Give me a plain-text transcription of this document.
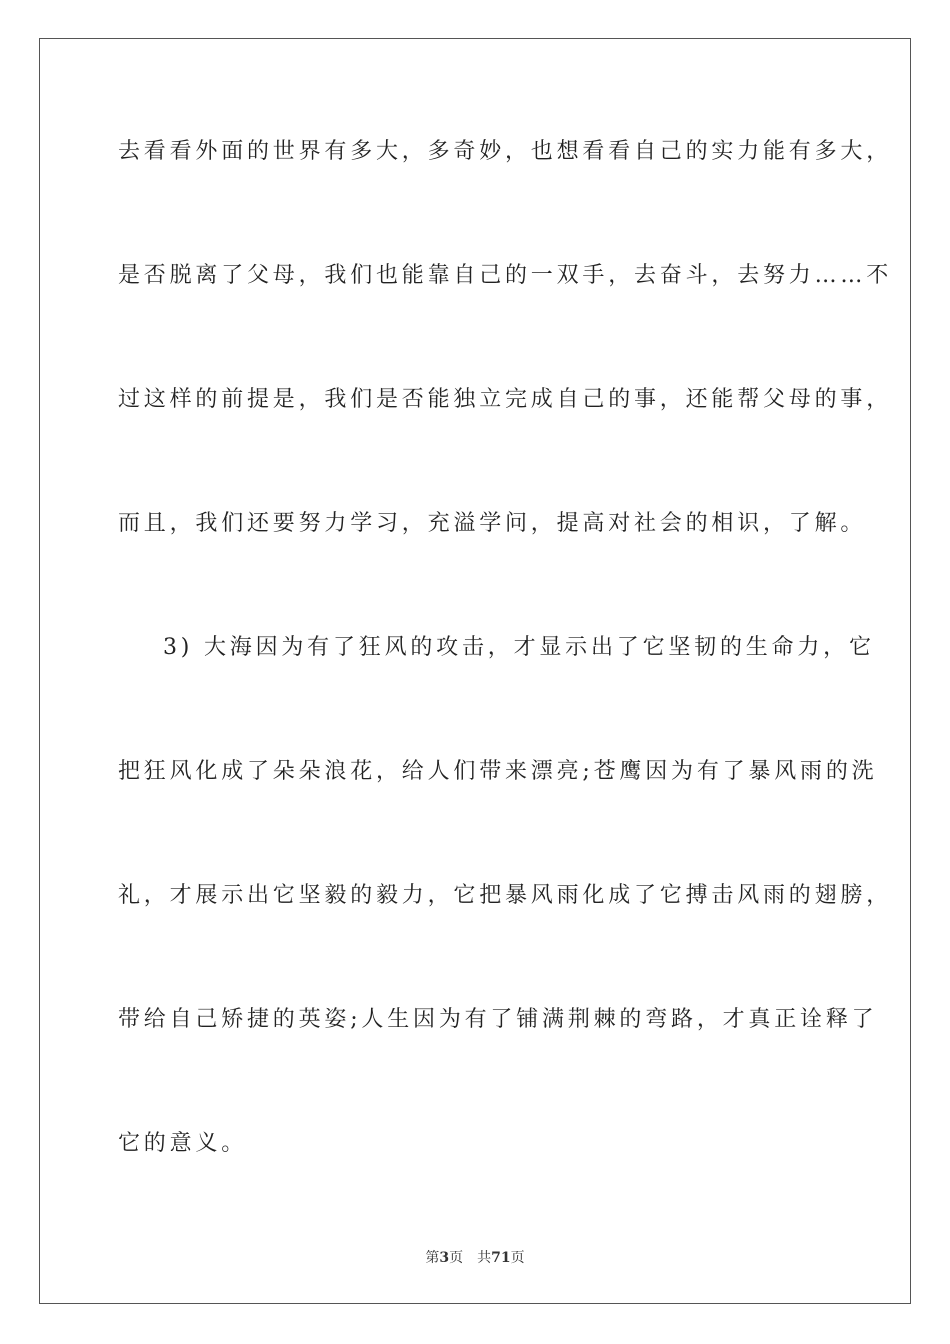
去看看外面的世界有多大，多奇妙，也想看看自己的实力能有多大，
是否脱离了父母，我们也能靠自己的一双手，去奋斗，去努力……不
过这样的前提是，我们是否能独立完成自己的事，还能帮父母的事，
而且，我们还要努力学习，充溢学问，提高对社会的相识，了解。
3) 大海因为有了狂风的攻击，才显示出了它坚韧的生命力，它
把狂风化成了朵朵浪花，给人们带来漂亮;苍鹰因为有了暴风雨的洗
礼，才展示出它坚毅的毅力，它把暴风雨化成了它搏击风雨的翅膀，
带给自己矫捷的英姿;人生因为有了铺满荆棘的弯路，才真正诠释了
它的意义。
第3页 共71页
